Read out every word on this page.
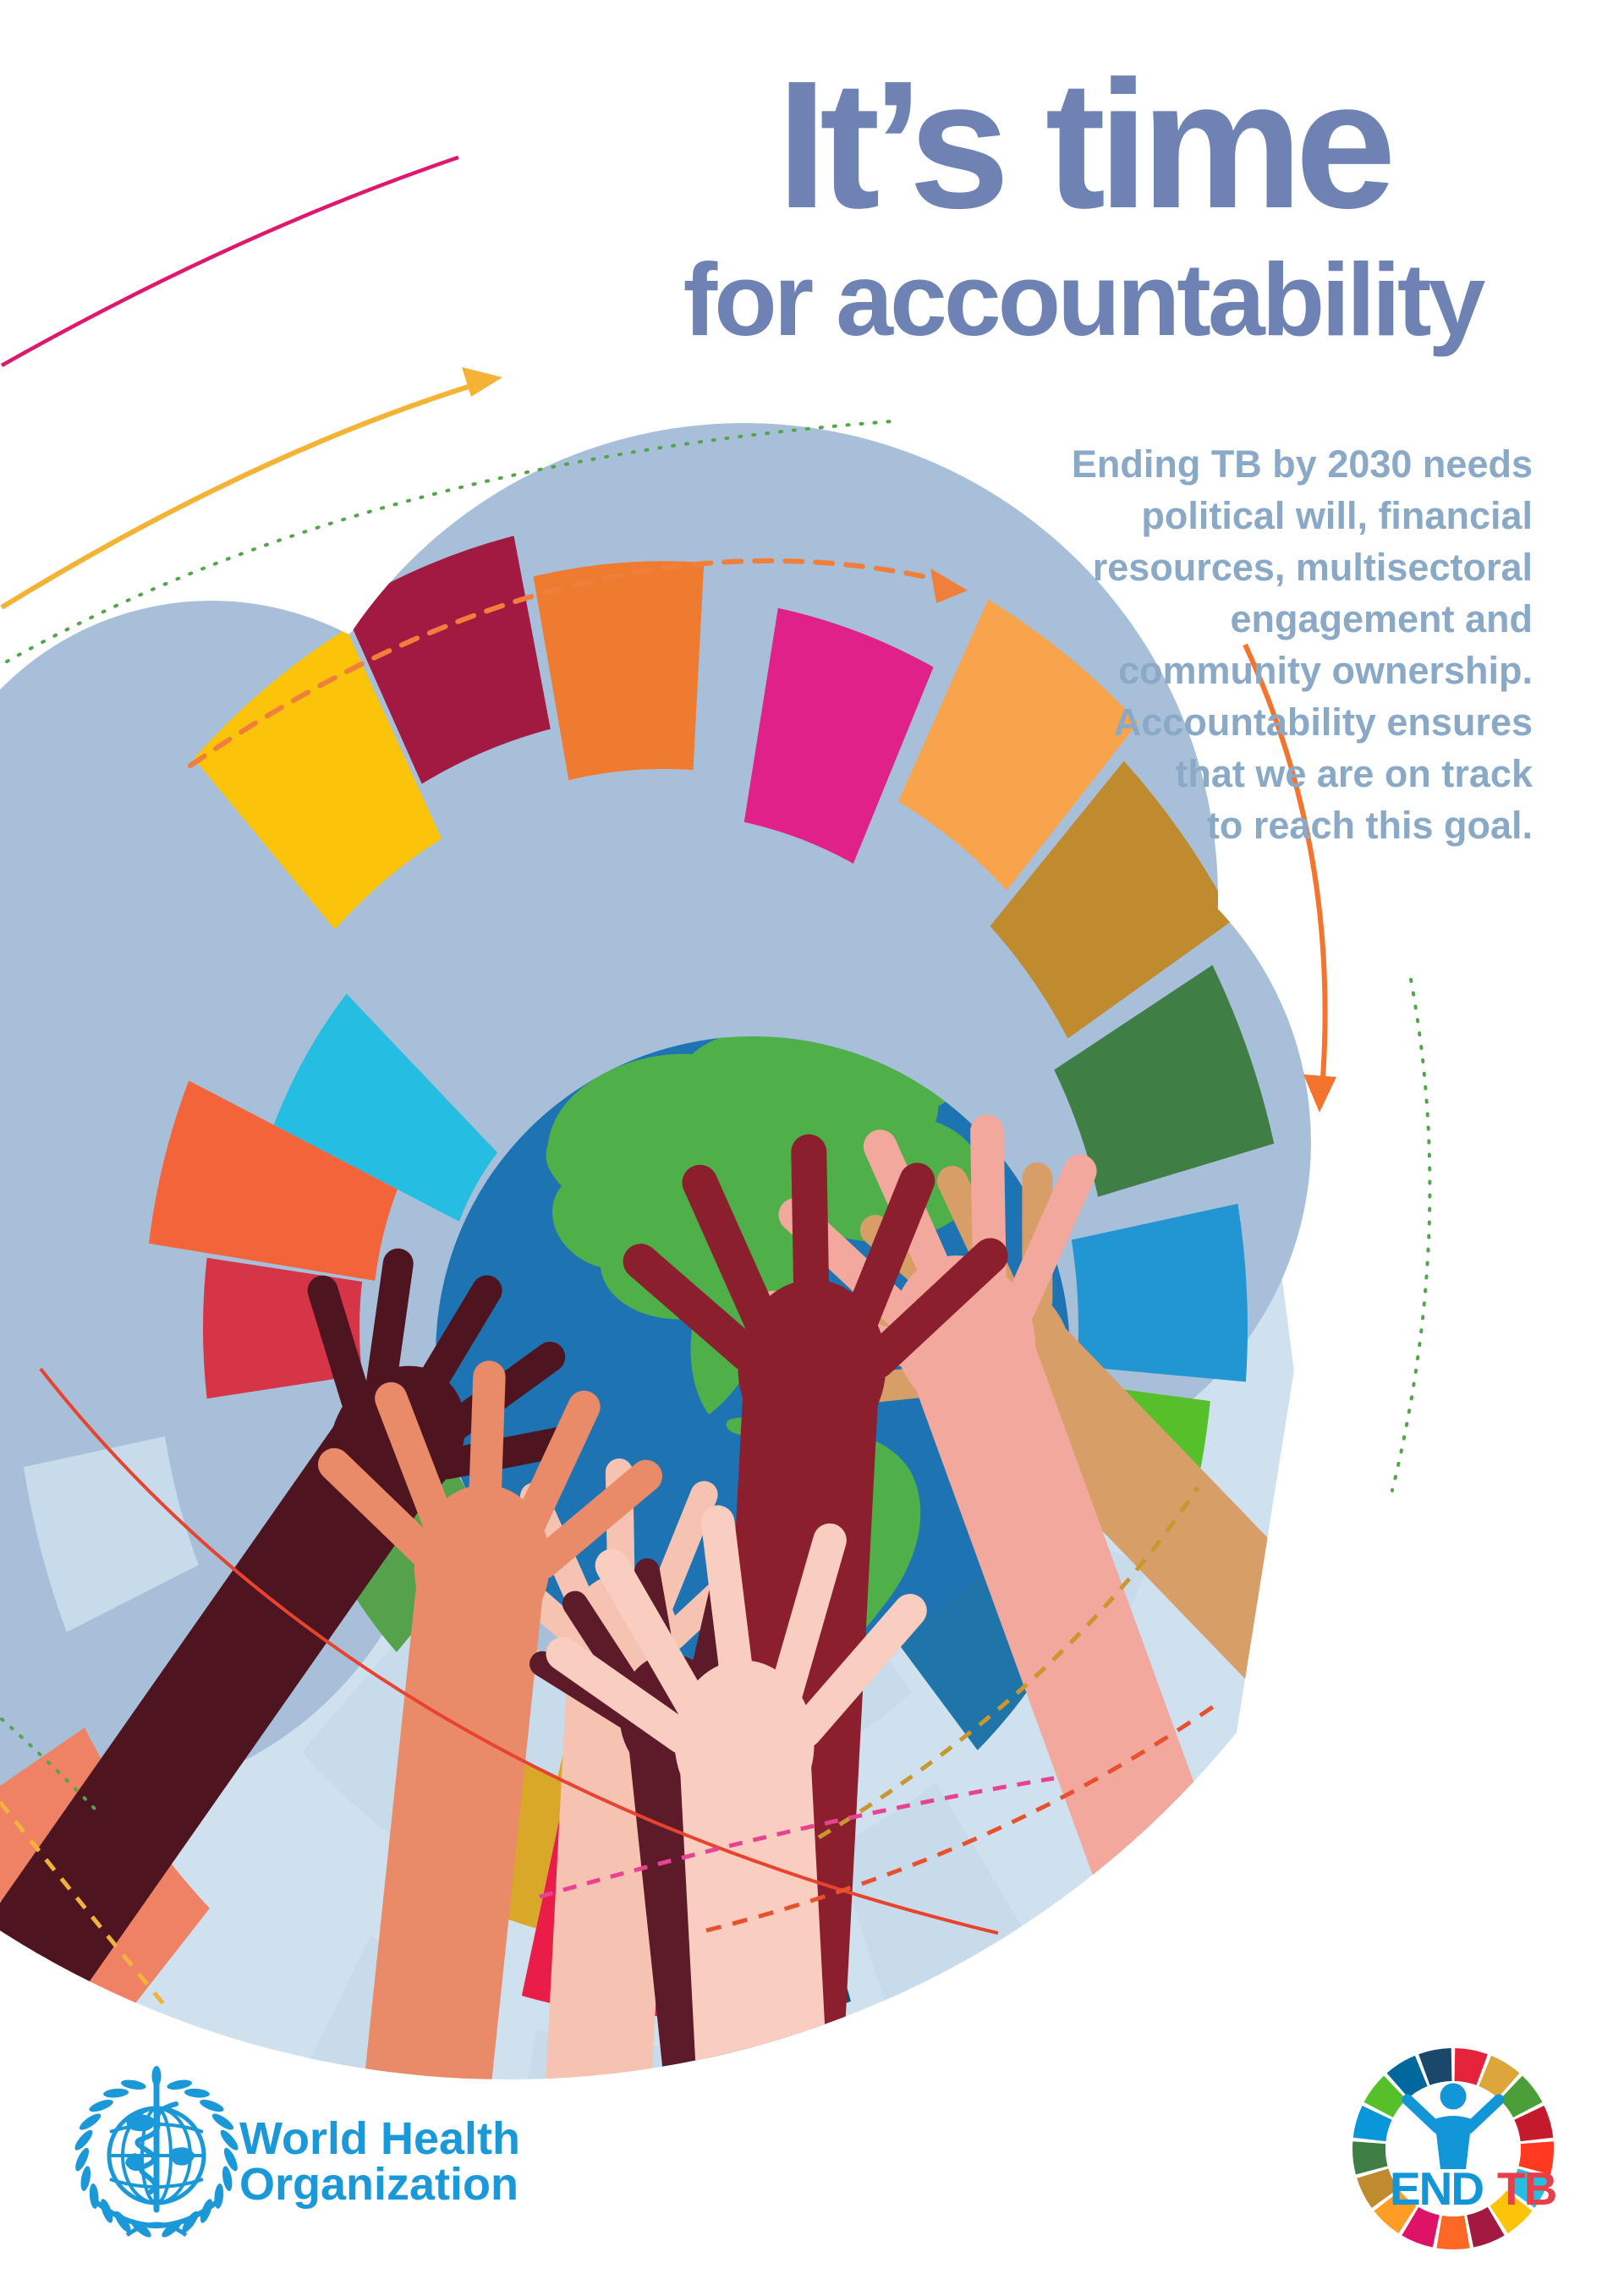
World Health
Organization	END TB
It’s time
for accountability
Ending TB by 2030 needs
political will, financial
resources, multisectoral
engagement and
community ownership.
Accountability ensures
that we are on track
to reach this goal.
